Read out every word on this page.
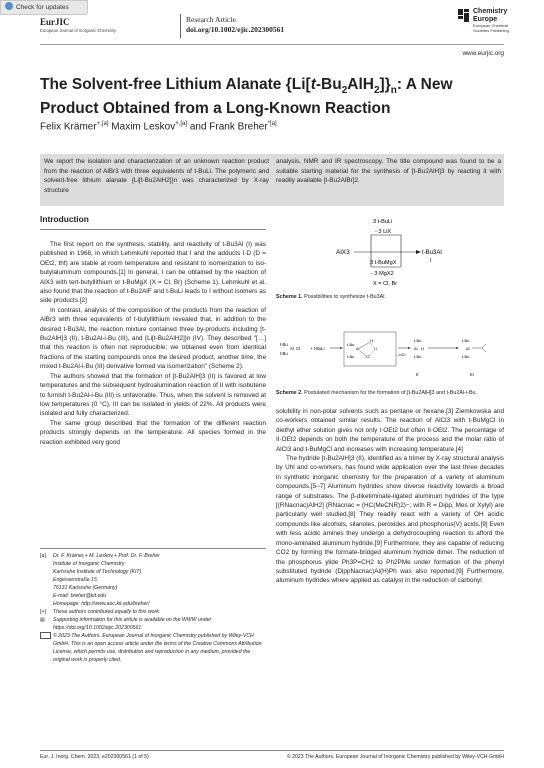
Check for updates
EurJIC
European Journal of Inorganic Chemistry
Research Article
doi.org/10.1002/ejic.202300561
Chemistry
Europe
European Chemical
Societies Publishing
www.eurjic.org
The Solvent-free Lithium Alanate $\{Li[t-Bu_2AlH_2]\}_n$: A New
Product Obtained from a Long-Known Reaction
Felix Krämer$^{+,[a]}$ Maxim Leskov$^{+,[a]}$ and Frank Breher$^{*[a]}$
We report the isolation and characterization of an unknown reaction product from the reaction of AlBr3 with three equivalents of t-BuLi. The polymeric and solvent-free lithium alanate {Li[t-Bu2AlH2]}n was characterized by X-ray structure
analysis, NMR and IR spectroscopy. The title compound was found to be a suitable starting material for the synthesis of [t-Bu2AlH]3 by reacting it with readily available [t-Bu2AlBr]2.
Introduction

The first report on the synthesis, stability, and reactivity of t-Bu3Al (I) was published in 1968, in which Lehmkuhl reported that I and the adducts I·D (D = OEt2, thf) are stable at room temperature and resistant to isomerization to iso-butylaluminum compounds.[1] In general, I can be obtained by the reaction of AlX3 with tert-butyllithium or t-BuMgX (X = Cl, Br) (Scheme 1). Lehmkuhl et al. also found that the reaction of t-Bu2AlF and t-BuLi leads to I without isomers as side products.[2]

In contrast, analysis of the composition of the products from the reaction of AlBr3 with three equivalents of t-butyllithium revealed that, in addition to the desired t-Bu3Al, the reaction mixture contained three by-products including [t-Bu2AlH]3 (II), t-Bu2Al-i-Bu (III), and {Li[t-Bu2AlH2]}n (IV). They described "[…] that this reaction is often not reproducible; we obtained even from identical fractions of the starting compounds once the desired product, another time, the mixed t-Bu2Al-i-Bu (III) derivative formed via isomerization" (Scheme 2).

The authors showed that the formation of [t-Bu2AlH]3 (II) is favored at low temperatures and the subsequent hydroalumination reaction of II with isobutene to furnish t-Bu2Al-i-Bu (III) is unfavorable. Thus, when the solvent is removed at low temperatures (0 °C), III can be isolated in yields of 22%. All products were isolated and fully characterized.

The same group described that the formation of the different reaction products strongly depends on the temperature. All species formed in the reaction exhibited very good

AlX3
3 t-BuLi
- 3 LiX
3 t-BuMgX
- 3 MgX2
X = Cl, Br
t-Bu3Al
I
Scheme 1. Possibilities to synthesize t-Bu3Al.
t-Bu
Al Cl
t-Bu
+ t-BuLi
t-Bu
Al
t-Bu
H
Li
Cl	- LiCl
t-Bu
Al H
t-Bu
II
t-Bu
Al
t-Bu
III
Scheme 2. Postulated mechanism for the formation of [t-Bu2AlH]3 and t-Bu2Al-i-Bu.

solubility in non-polar solvents such as pentane or hexane.[3] Ziemkowska and co-workers obtained similar results. The reaction of AlCl3 with t-BuMgCl in diethyl ether solution gives not only I·OEt2 but often II·OEt2. The percentage of II·OEt2 depends on both the temperature of the process and the molar ratio of AlCl3 and t-BuMgCl and increases with increasing temperature.[4]

The hydride [t-Bu2AlH]3 (II), identified as a trimer by X-ray structural analysis by Uhl and co-workers, has found wide application over the last three decades in synthetic inorganic chemistry for the preparation of a variety of aluminum compounds.[5–7] Aluminum hydrides show diverse reactivity towards a broad range of substrates. The β-diketiminate-ligated aluminum hydrides of the type [(RNacnac)AlH2] (RNacnac = (HC(MeCNR)2)−; with R = Dipp, Mes or Xylyl) are particularly well studied.[8] They readily react with a variety of OH acidic compounds like alcohols, silanoles, peroxides and phosphorus(V) acids.[9] Even with less acidic amines they undergo a dehydrocoupling reaction to afford the mono-aminated aluminum hydride.[9] Furthermore, they are capable of reducing CO2 by forming the formate-bridged aluminum hydride dimer. The reduction of the phosphorus ylide Ph3P=CH2 to Ph2PMe under formation of the phenyl substituted hydride (DippNacnac)Al(H)Ph was also reported.[9] Furthermore, aluminum hydrides where applied as catalyst in the reduction of carbonyl

[a]	Dr. F. Krämer,+ M. Leskov,+ Prof. Dr. F. Breher
Institute of Inorganic Chemistry
Karlsruhe Institute of Technology (KIT)
Engesserstraße 15
76131 Karlsruhe (Germany)
E-mail: breher@kit.edu
Homepage: http://www.aoc.kit.edu/breher/
[+]	These authors contributed equally to this work.
▤	Supporting information for this article is available on the WWW under https://doi.org/10.1002/ejic.202300561
© 2023 The Authors. European Journal of Inorganic Chemistry published by Wiley-VCH GmbH. This is an open access article under the terms of the Creative Commons Attribution License, which permits use, distribution and reproduction in any medium, provided the original work is properly cited.
Eur. J. Inorg. Chem. 2023, e202300561 (1 of 5)	© 2023 The Authors. European Journal of Inorganic Chemistry published by Wiley-VCH GmbH
